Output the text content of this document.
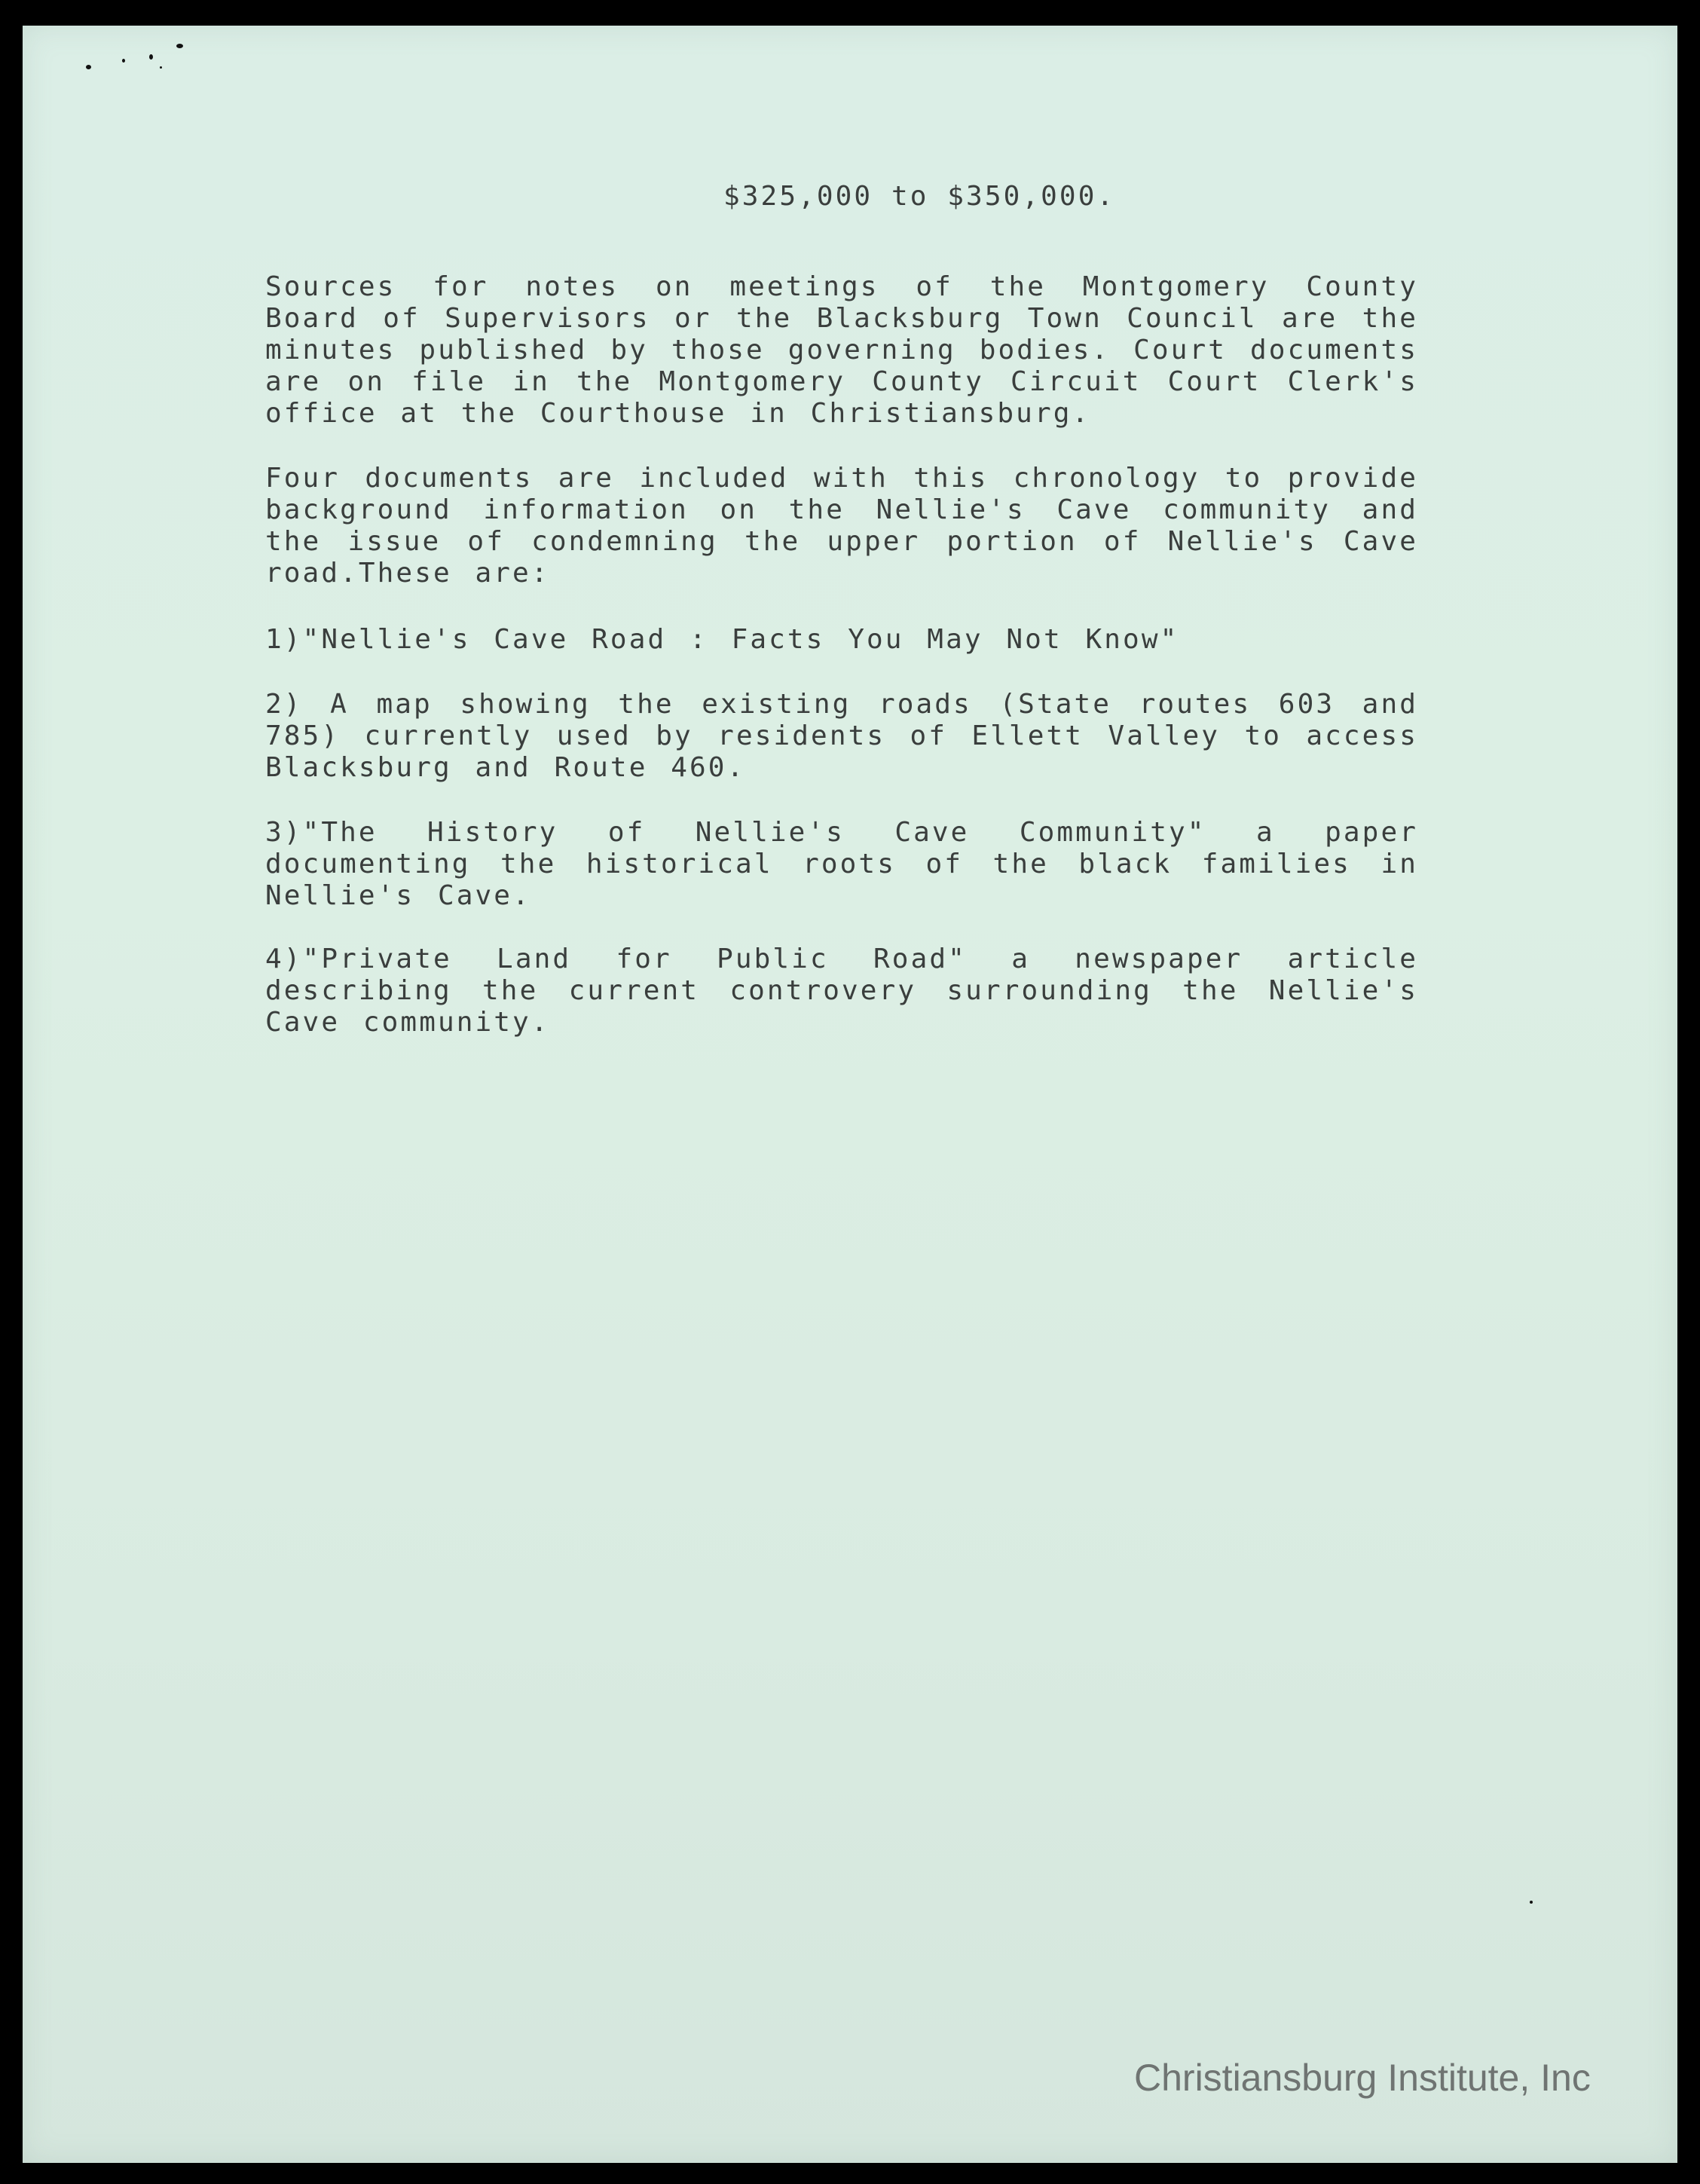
$325,000 to $350,000.

Sources for notes on meetings of the Montgomery County Board of Supervisors or the Blacksburg Town Council are the minutes published by those governing bodies. Court documents are on file in the Montgomery County Circuit Court Clerk's office at the Courthouse in Christiansburg.

Four documents are included with this chronology to provide background information on the Nellie's Cave community and the issue of condemning the upper portion of Nellie's Cave road.These are:

1)"Nellie's Cave Road : Facts You May Not Know"

2) A map showing the existing roads (State routes 603 and 785) currently used by residents of Ellett Valley to access Blacksburg and Route 460.

3)"The History of Nellie's Cave Community" a paper documenting the historical roots of the black families in Nellie's Cave.

4)"Private Land for Public Road" a newspaper article describing the current controvery surrounding the Nellie's Cave community.

Christiansburg Institute, Inc
